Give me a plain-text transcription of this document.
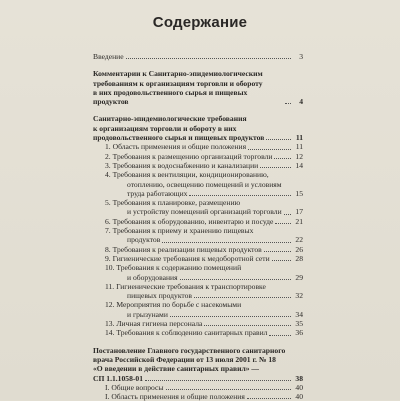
Содержание
Введение	3
Комментарии к Санитарно-эпидемиологическим
требованиям к организациям торговли и обороту
в них продовольственного сырья и пищевых продуктов	4
Санитарно-эпидемиологические требования
к организациям торговли и обороту в них
продовольственного сырья и пищевых продуктов	11
1. Область применения и общие положения	11
2. Требования к размещению организаций торговли	12
3. Требования к водоснабжению и канализации	14
4. Требования к вентиляции, кондиционированию,
отоплению, освещению помещений и условиям
труда работающих	15
5. Требования к планировке, размещению
и устройству помещений организаций торговли	17
6. Требования к оборудованию, инвентарю и посуде	21
7. Требования к приему и хранению пищевых
продуктов	22
8. Требования к реализации пищевых продуктов	26
9. Гигиенические требования к медоборотной сети	28
10. Требования к содержанию помещений
и оборудования	29
11. Гигиенические требования к транспортировке
пищевых продуктов	32
12. Мероприятия по борьбе с насекомыми
и грызунами	34
13. Личная гигиена персонала	35
14. Требования к соблюдению санитарных правил	36
Постановление Главного государственного санитарного
врача Российской Федерации от 13 июля 2001 г. № 18
«О введении в действие санитарных правил» —
СП 1.1.1058-01	38
I. Общие вопросы	40
I. Область применения и общие положения	40
